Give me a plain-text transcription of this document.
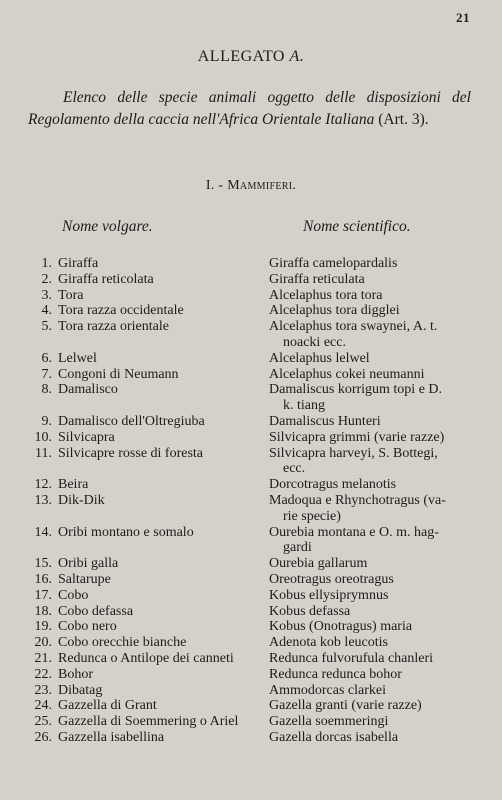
21
ALLEGATO A.

Elenco delle specie animali oggetto delle disposizioni del Regolamento della caccia nell'Africa Orientale Italiana (Art. 3).

I. - Mammiferi.
Nome volgare.	Nome scientifico.
1. Giraffa	Giraffa camelopardalis
2. Giraffa reticolata	Giraffa reticulata
3. Tora	Alcelaphus tora tora
4. Tora razza occidentale	Alcelaphus tora digglei
5. Tora razza orientale	Alcelaphus tora swaynei, A. t.
noacki ecc.
6. Lelwel	Alcelaphus lelwel
7. Congoni di Neumann	Alcelaphus cokei neumanni
8. Damalisco	Damaliscus korrigum topi e D.
k. tiang
9. Damalisco dell'Oltregiuba	Damaliscus Hunteri
10. Silvicapra	Silvicapra grimmi (varie razze)
11. Silvicapre rosse di foresta	Silvicapra harveyi, S. Bottegi,
ecc.
12. Beira	Dorcotragus melanotis
13. Dik-Dik	Madoqua e Rhynchotragus (va-
rie specie)
14. Oribi montano e somalo	Ourebia montana e O. m. hag-
gardi
15. Oribi galla	Ourebia gallarum
16. Saltarupe	Oreotragus oreotragus
17. Cobo	Kobus ellysiprymnus
18. Cobo defassa	Kobus defassa
19. Cobo nero	Kobus (Onotragus) maria
20. Cobo orecchie bianche	Adenota kob leucotis
21. Redunca o Antilope dei canneti	Redunca fulvorufula chanleri
22. Bohor	Redunca redunca bohor
23. Dibatag	Ammodorcas clarkei
24. Gazzella di Grant	Gazella granti (varie razze)
25. Gazzella di Soemmering o Ariel	Gazella soemmeringi
26. Gazzella isabellina	Gazella dorcas isabella
